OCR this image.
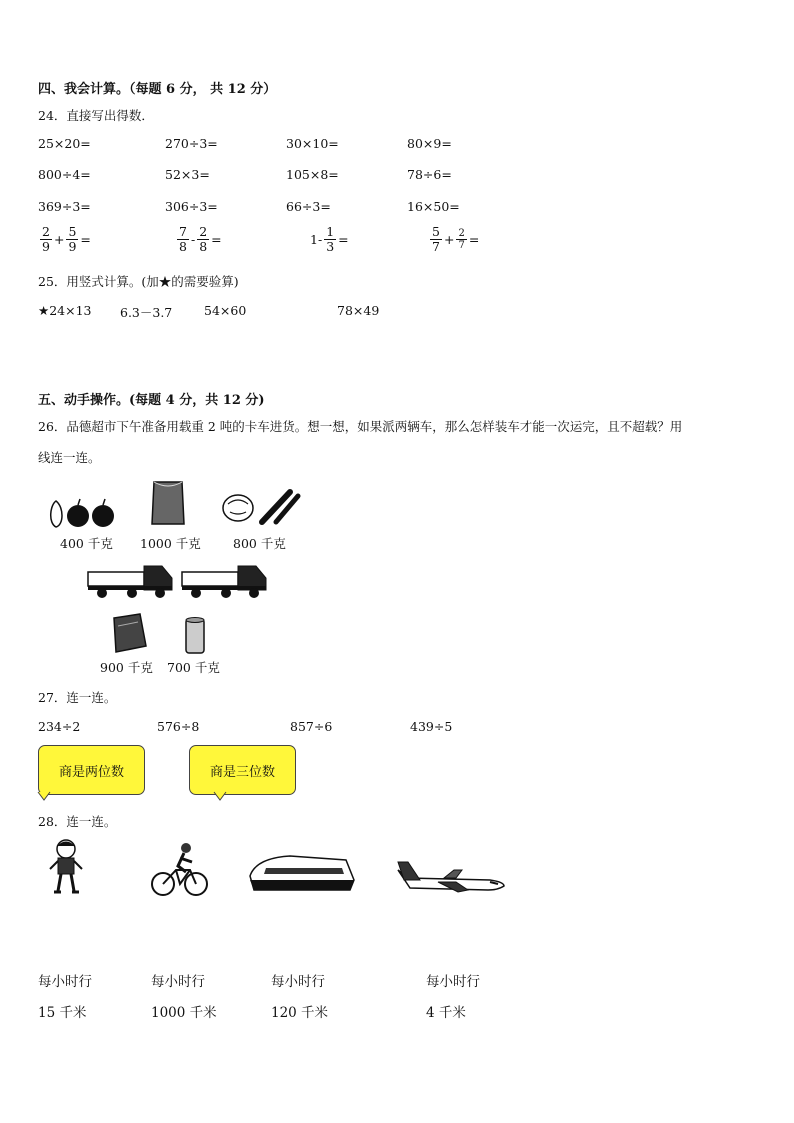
四、我会计算。（每题 6 分， 共 12 分）
24．直接写出得数．
25×20=	270÷3=	30×10=	80×9=
800÷4=	52×3=	105×8=	78÷6=
369÷3=	306÷3=	66÷3=	16×50=
$\frac{2}{9} + \frac{5}{9}$ =	$\frac{7}{8} - \frac{2}{8}$ =	$1- \frac{1}{3}$ =	$\frac{5}{7} + \frac{2}{7}$ =
25．用竖式计算。(加★的需要验算)
★24×13 6.3－3.7	54×60	78×49
五、动手操作。(每题 4 分，共 12 分)
26．品德超市下午准备用载重 2 吨的卡车进货。想一想，如果派两辆车，那么怎样装车才能一次运完，且不超载？用
线连一连。
400 千克 1000 千克	800 千克
900 千克 700 千克
27．连一连。
234÷2	576÷8	857÷6	439÷5
商是两位数	商是三位数
28．连一连。
每小时行	每小时行	每小时行	每小时行
15 千米	1000 千米	120 千米	4 千米
